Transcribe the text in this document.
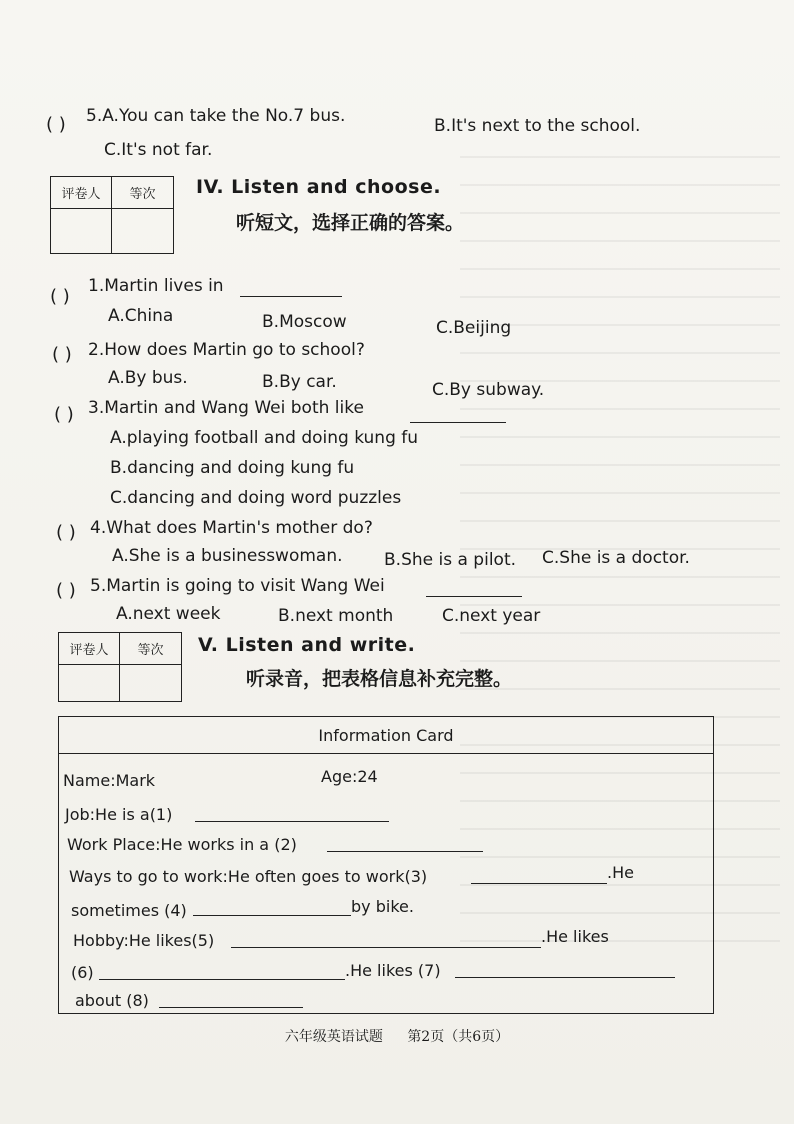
( ) 5.A.You can take the No.7 bus.	B.It's next to the school.
C.It's not far.
评卷人	等次	IV. Listen and choose.
听短文，选择正确的答案。
( ) 1.Martin lives in
A.China	B.Moscow	C.Beijing
( ) 2.How does Martin go to school?
A.By bus.	B.By car.	C.By subway.
( ) 3.Martin and Wang Wei both like
A.playing football and doing kung fu
B.dancing and doing kung fu
C.dancing and doing word puzzles
( ) 4.What does Martin's mother do?
A.She is a businesswoman. B.She is a pilot. C.She is a doctor.
( ) 5.Martin is going to visit Wang Wei
A.next week	B.next month	C.next year
评卷人	等次	V. Listen and write.
听录音，把表格信息补充完整。
Information Card
Name:Mark	Age:24
Job:He is a(1)
Work Place:He works in a (2)
Ways to go to work:He often goes to work(3)	.He
sometimes (4)	by bike.
Hobby:He likes(5)	.He likes
(6)	.He likes (7)
about (8)
六年级英语试题 第2页（共6页）
